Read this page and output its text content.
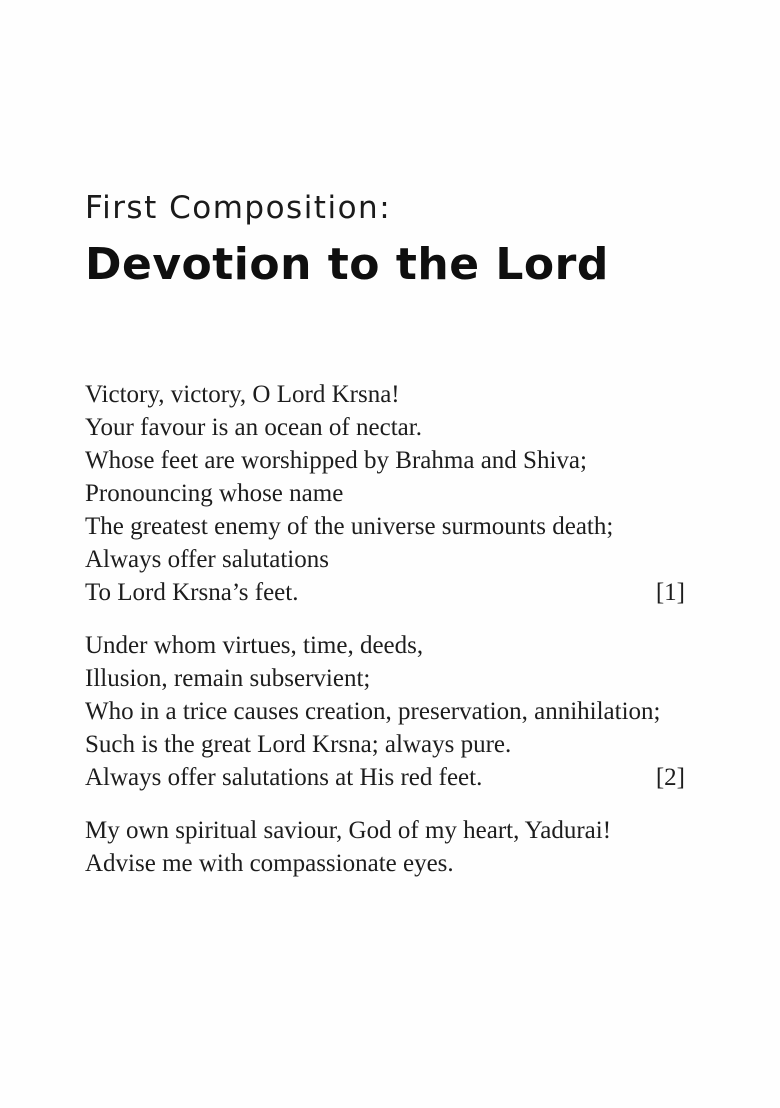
First Composition:
Devotion to the Lord
Victory, victory, O Lord Krsna!
Your favour is an ocean of nectar.
Whose feet are worshipped by Brahma and Shiva;
Pronouncing whose name
The greatest enemy of the universe surmounts death;
Always offer salutations
To Lord Krsna’s feet.	[1]
Under whom virtues, time, deeds,
Illusion, remain subservient;
Who in a trice causes creation, preservation, annihilation;
Such is the great Lord Krsna; always pure.
Always offer salutations at His red feet.	[2]
My own spiritual saviour, God of my heart, Yadurai!
Advise me with compassionate eyes.
